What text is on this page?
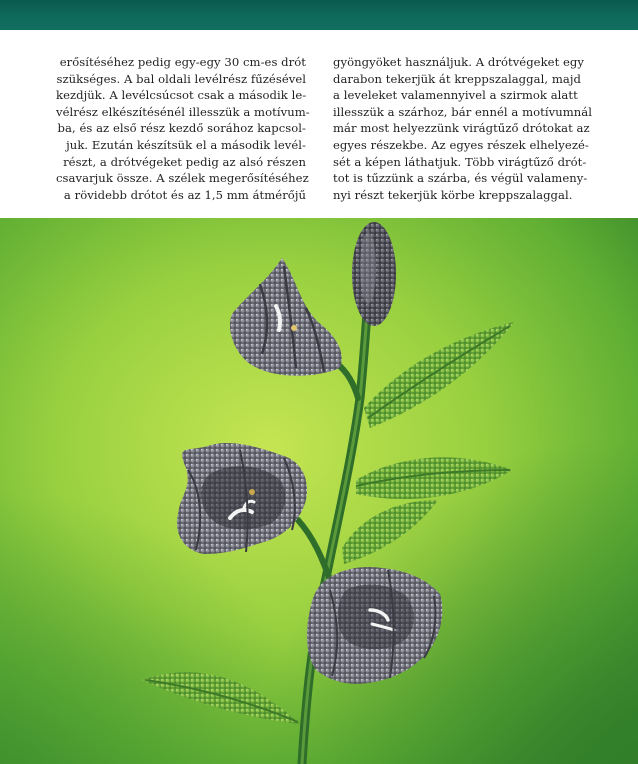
erősítéséhez pedig egy-egy 30 cm-es drót
szükséges. A bal oldali levélrész fűzésével
kezdjük. A levélcsúcsot csak a második le-
vélrész elkészítésénél illesszük a motívum-
ba, és az első rész kezdő sorához kapcsol-
juk. Ezután készítsük el a második levél-
részt, a drótvégeket pedig az alsó részen
csavarjuk össze. A szélek megerősítéséhez
a rövidebb drótot és az 1,5 mm átmérőjű
gyöngyöket használjuk. A drótvégeket egy
darabon tekerjük át kreppszalaggal, majd
a leveleket valamennyivel a szirmok alatt
illesszük a szárhoz, bár ennél a motívumnál
már most helyezzünk virágtűző drótokat az
egyes részekbe. Az egyes részek elhelyezé-
sét a képen láthatjuk. Több virágtűző drót-
tot is tűzzünk a szárba, és végül valameny-
nyi részt tekerjük körbe kreppszalaggal.
